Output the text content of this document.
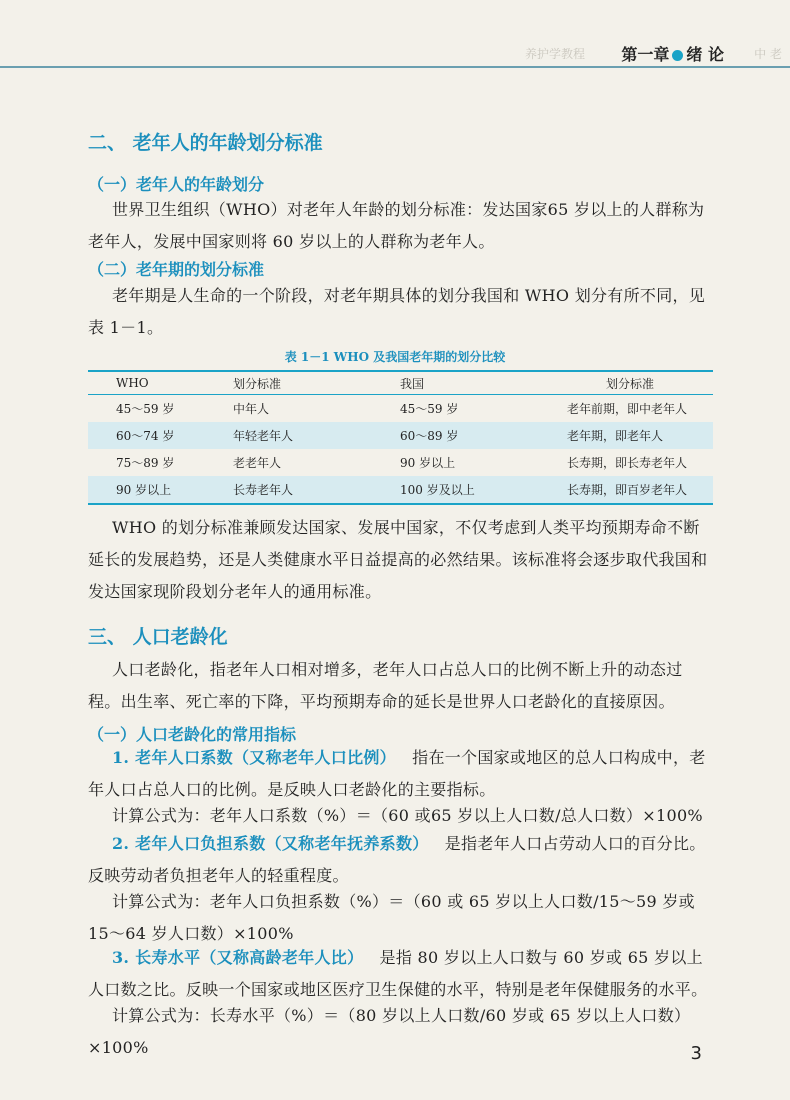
养护学教程	中 老
第一章 绪 论
二、 老年人的年龄划分标准
（一）老年人的年龄划分
世界卫生组织（WHO）对老年人年龄的划分标准：发达国家65 岁以上的人群称为老年人，发展中国家则将 60 岁以上的人群称为老年人。
（二）老年期的划分标准
老年期是人生命的一个阶段，对老年期具体的划分我国和 WHO 划分有所不同，见表 1－1。
表 1－1 WHO 及我国老年期的划分比较
WHO	划分标准	我国	划分标准
45～59 岁	中年人	45～59 岁	老年前期，即中老年人
60～74 岁	年轻老年人	60～89 岁	老年期，即老年人
75～89 岁	老老年人	90 岁以上	长寿期，即长寿老年人
90 岁以上	长寿老年人	100 岁及以上	长寿期，即百岁老年人
WHO 的划分标准兼顾发达国家、发展中国家，不仅考虑到人类平均预期寿命不断延长的发展趋势，还是人类健康水平日益提高的必然结果。该标准将会逐步取代我国和发达国家现阶段划分老年人的通用标准。
三、 人口老龄化
人口老龄化，指老年人口相对增多，老年人口占总人口的比例不断上升的动态过程。出生率、死亡率的下降，平均预期寿命的延长是世界人口老龄化的直接原因。
（一）人口老龄化的常用指标
1. 老年人口系数（又称老年人口比例） 指在一个国家或地区的总人口构成中，老年人口占总人口的比例。是反映人口老龄化的主要指标。
计算公式为：老年人口系数（%）＝（60 或65 岁以上人口数/总人口数）×100%
2. 老年人口负担系数（又称老年抚养系数） 是指老年人口占劳动人口的百分比。反映劳动者负担老年人的轻重程度。
计算公式为：老年人口负担系数（%）＝（60 或 65 岁以上人口数/15～59 岁或 15～64 岁人口数）×100%
3. 长寿水平（又称高龄老年人比） 是指 80 岁以上人口数与 60 岁或 65 岁以上人口数之比。反映一个国家或地区医疗卫生保健的水平，特别是老年保健服务的水平。
计算公式为：长寿水平（%）＝（80 岁以上人口数/60 岁或 65 岁以上人口数）×100%	3
